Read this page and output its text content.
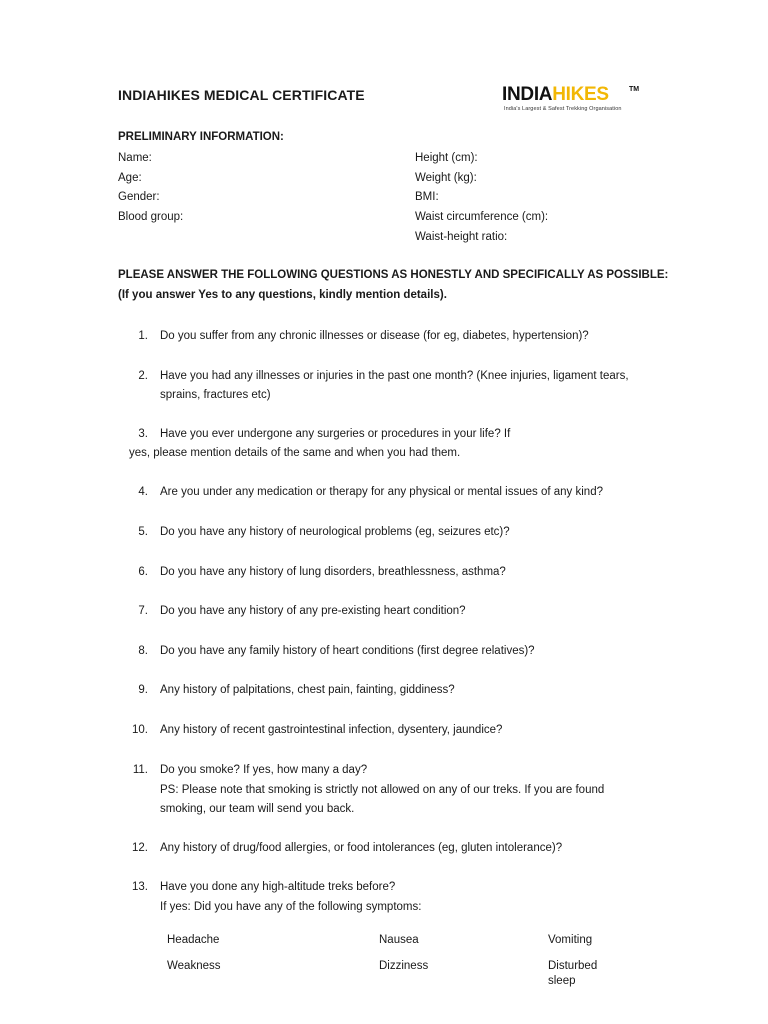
INDIAHIKES MEDICAL CERTIFICATE	INDIAHIKES	TM
India's Largest & Safest Trekking Organisation
PRELIMINARY INFORMATION:
Name:
Age:
Gender:
Blood group:
Height (cm):
Weight (kg):
BMI:
Waist circumference (cm):
Waist-height ratio:
PLEASE ANSWER THE FOLLOWING QUESTIONS AS HONESTLY AND SPECIFICALLY AS POSSIBLE:
(If you answer Yes to any questions, kindly mention details).
1. Do you suffer from any chronic illnesses or disease (for eg, diabetes, hypertension)?
2. Have you had any illnesses or injuries in the past one month? (Knee injuries, ligament tears,
sprains, fractures etc)
3. Have you ever undergone any surgeries or procedures in your life? If
yes, please mention details of the same and when you had them.
4. Are you under any medication or therapy for any physical or mental issues of any kind?
5. Do you have any history of neurological problems (eg, seizures etc)?
6. Do you have any history of lung disorders, breathlessness, asthma?
7. Do you have any history of any pre-existing heart condition?
8. Do you have any family history of heart conditions (first degree relatives)?
9. Any history of palpitations, chest pain, fainting, giddiness?
10. Any history of recent gastrointestinal infection, dysentery, jaundice?
11. Do you smoke? If yes, how many a day?
PS: Please note that smoking is strictly not allowed on any of our treks. If you are found
smoking, our team will send you back.
12. Any history of drug/food allergies, or food intolerances (eg, gluten intolerance)?
13. Have you done any high-altitude treks before?
If yes: Did you have any of the following symptoms:
Headache	Nausea	Vomiting
Weakness	Dizziness	Disturbed
sleep
